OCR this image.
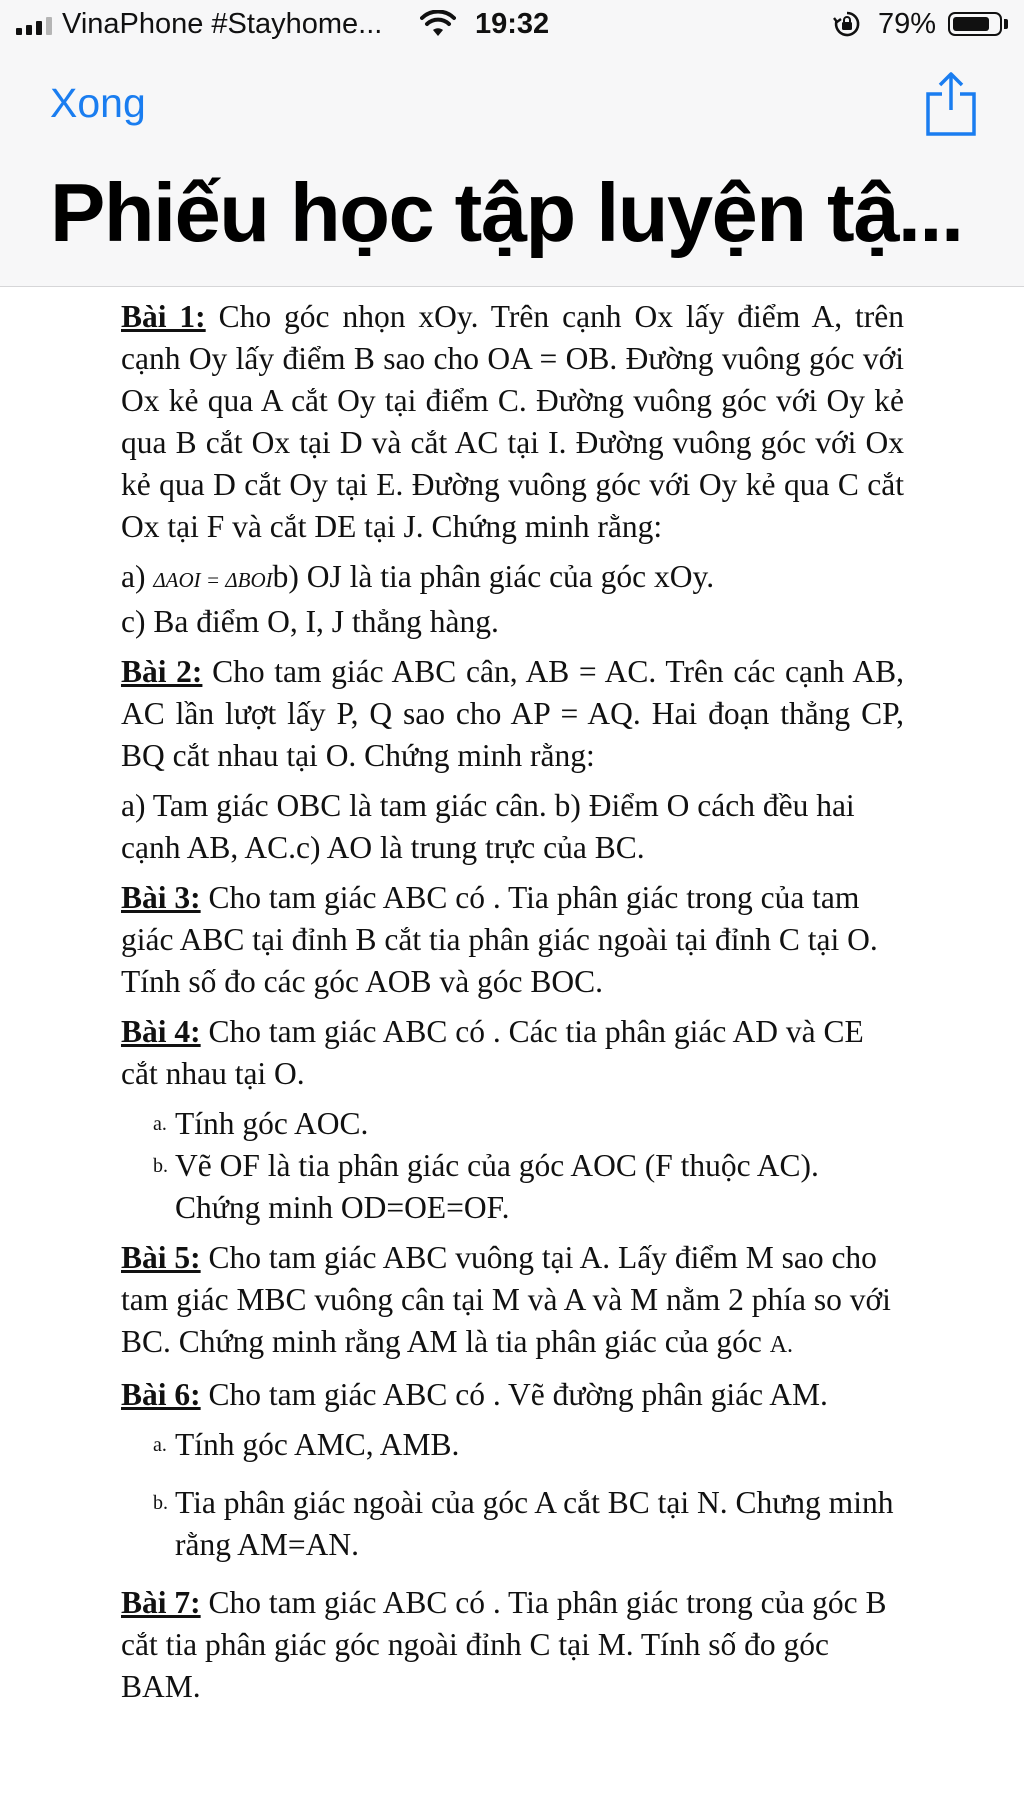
VinaPhone #Stayhome...	19:32	79%
Xong
Phiếu học tập luyện tậ...

Bài 1: Cho góc nhọn xOy. Trên cạnh Ox lấy điểm A, trên cạnh Oy lấy điểm B sao cho OA = OB. Đường vuông góc với Ox kẻ qua A cắt Oy tại điểm C. Đường vuông góc với Oy kẻ qua B cắt Ox tại D và cắt AC tại I. Đường vuông góc với Ox kẻ qua D cắt Oy tại E. Đường vuông góc với Oy kẻ qua C cắt Ox tại F và cắt DE tại J. Chứng minh rằng:

a) ΔAOI = ΔBOIb) OJ là tia phân giác của góc xOy.

c) Ba điểm O, I, J thẳng hàng.

Bài 2: Cho tam giác ABC cân, AB = AC. Trên các cạnh AB, AC lần lượt lấy P, Q sao cho AP = AQ. Hai đoạn thẳng CP, BQ cắt nhau tại O. Chứng minh rằng:

a) Tam giác OBC là tam giác cân. b) Điểm O cách đều hai cạnh AB, AC.c) AO là trung trực của BC.

Bài 3: Cho tam giác ABC có . Tia phân giác trong của tam giác ABC tại đỉnh B cắt tia phân giác ngoài tại đỉnh C tại O. Tính số đo các góc AOB và góc BOC.

Bài 4: Cho tam giác ABC có . Các tia phân giác AD và CE cắt nhau tại O.

a. Tính góc AOC.
b. Vẽ OF là tia phân giác của góc AOC (F thuộc AC). Chứng minh OD=OE=OF.

Bài 5: Cho tam giác ABC vuông tại A. Lấy điểm M sao cho tam giác MBC vuông cân tại M và A và M nằm 2 phía so với BC. Chứng minh rằng AM là tia phân giác của góc A.

Bài 6: Cho tam giác ABC có . Vẽ đường phân giác AM.

a. Tính góc AMC, AMB.
b. Tia phân giác ngoài của góc A cắt BC tại N. Chưng minh rằng AM=AN.

Bài 7: Cho tam giác ABC có . Tia phân giác trong của góc B cắt tia phân giác góc ngoài đỉnh C tại M. Tính số đo góc BAM.
